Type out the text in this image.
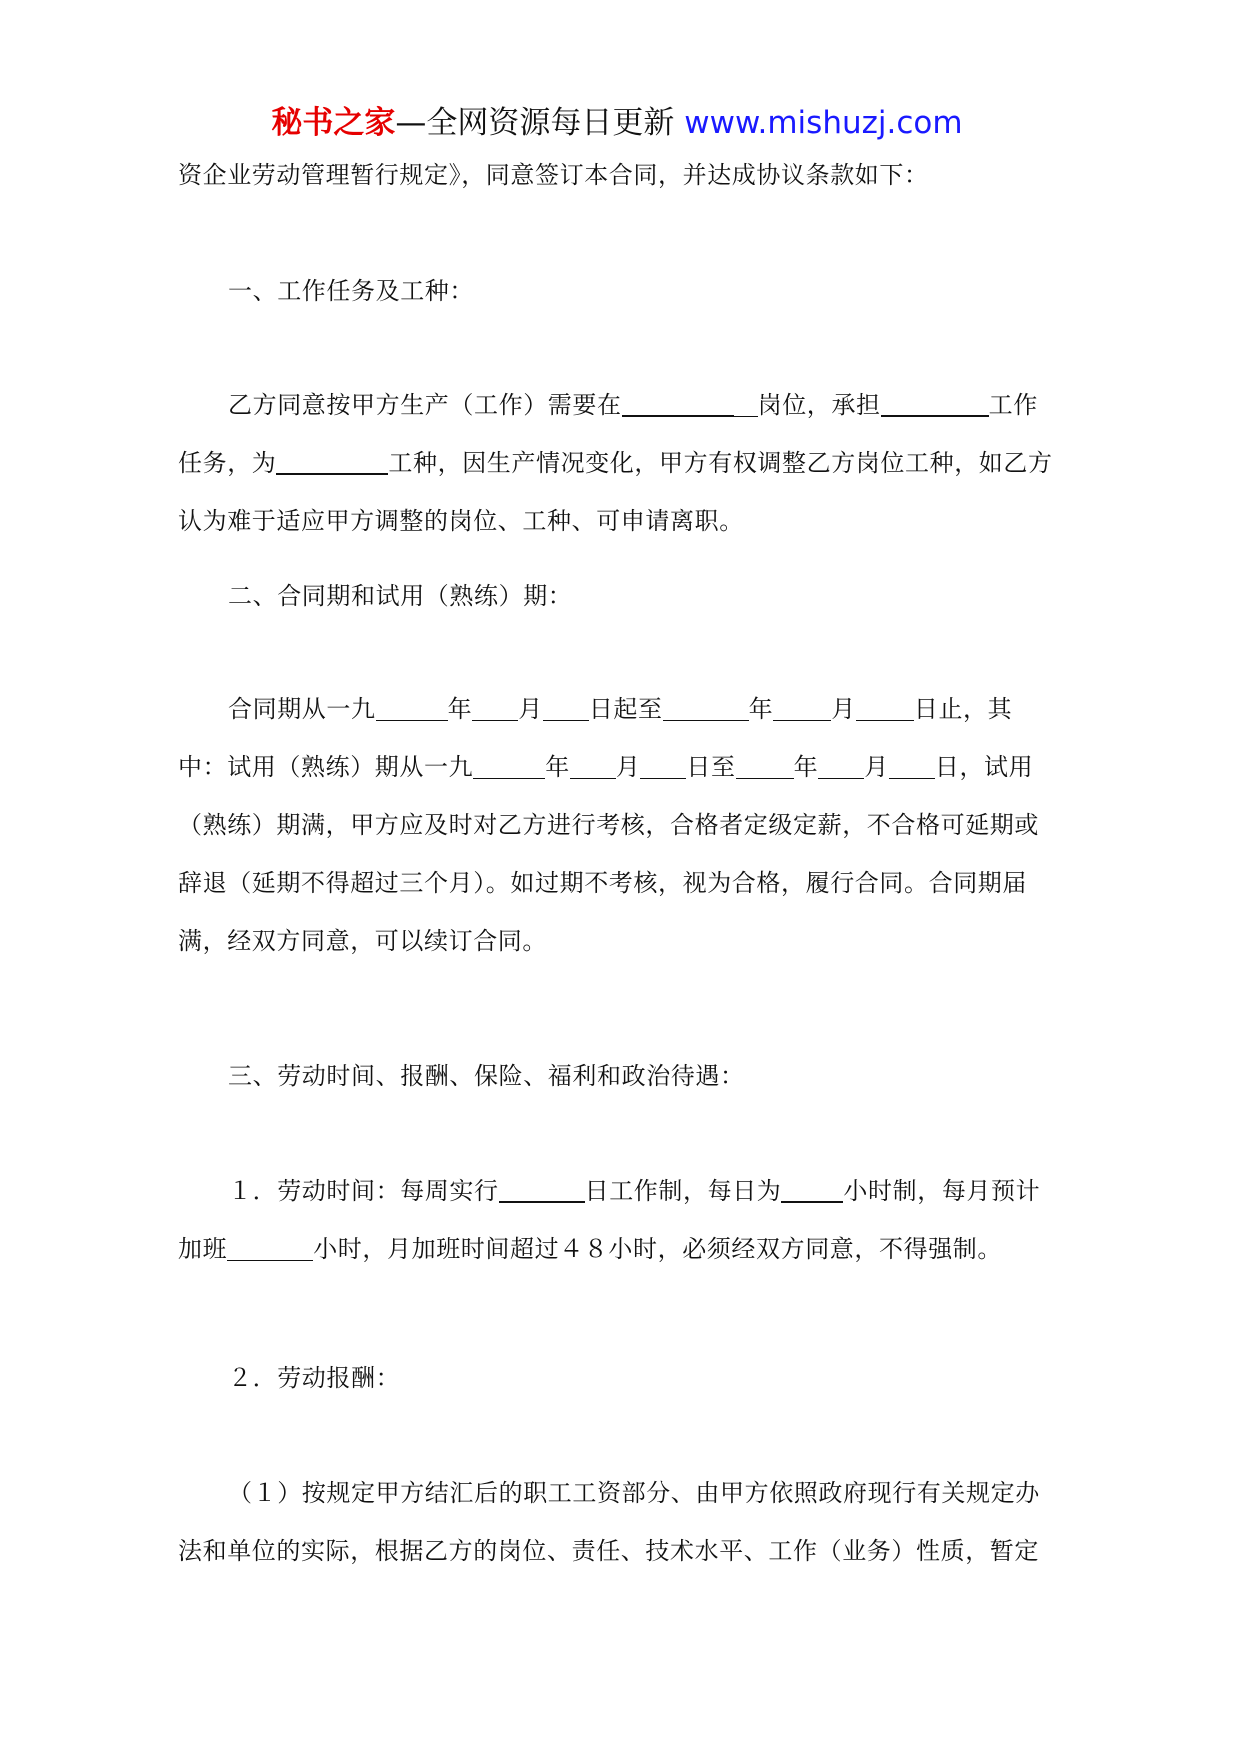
秘书之家—全网资源每日更新 www.mishuzj.com

资企业劳动管理暂行规定》，同意签订本合同，并达成协议条款如下：

一、工作任务及工种：

乙方同意按甲方生产（工作）需要在	岗位，承担	工作任务，为	工种，因生产情况变化，甲方有权调整乙方岗位工种，如乙方认为难于适应甲方调整的岗位、工种、可申请离职。

二、合同期和试用（熟练）期：

合同期从一九	年 月 日起至	年 月 日止，其中：试用（熟练）期从一九	年 月 日至 年 月 日，试用（熟练）期满，甲方应及时对乙方进行考核，合格者定级定薪，不合格可延期或辞退（延期不得超过三个月）。如过期不考核，视为合格，履行合同。合同期届满，经双方同意，可以续订合同。

三、劳动时间、报酬、保险、福利和政治待遇：

１．劳动时间：每周实行	日工作制，每日为	小时制，每月预计加班	小时，月加班时间超过４８小时，必须经双方同意，不得强制。

２．劳动报酬：

（１）按规定甲方结汇后的职工工资部分、由甲方依照政府现行有关规定办法和单位的实际，根据乙方的岗位、责任、技术水平、工作（业务）性质，暂定
